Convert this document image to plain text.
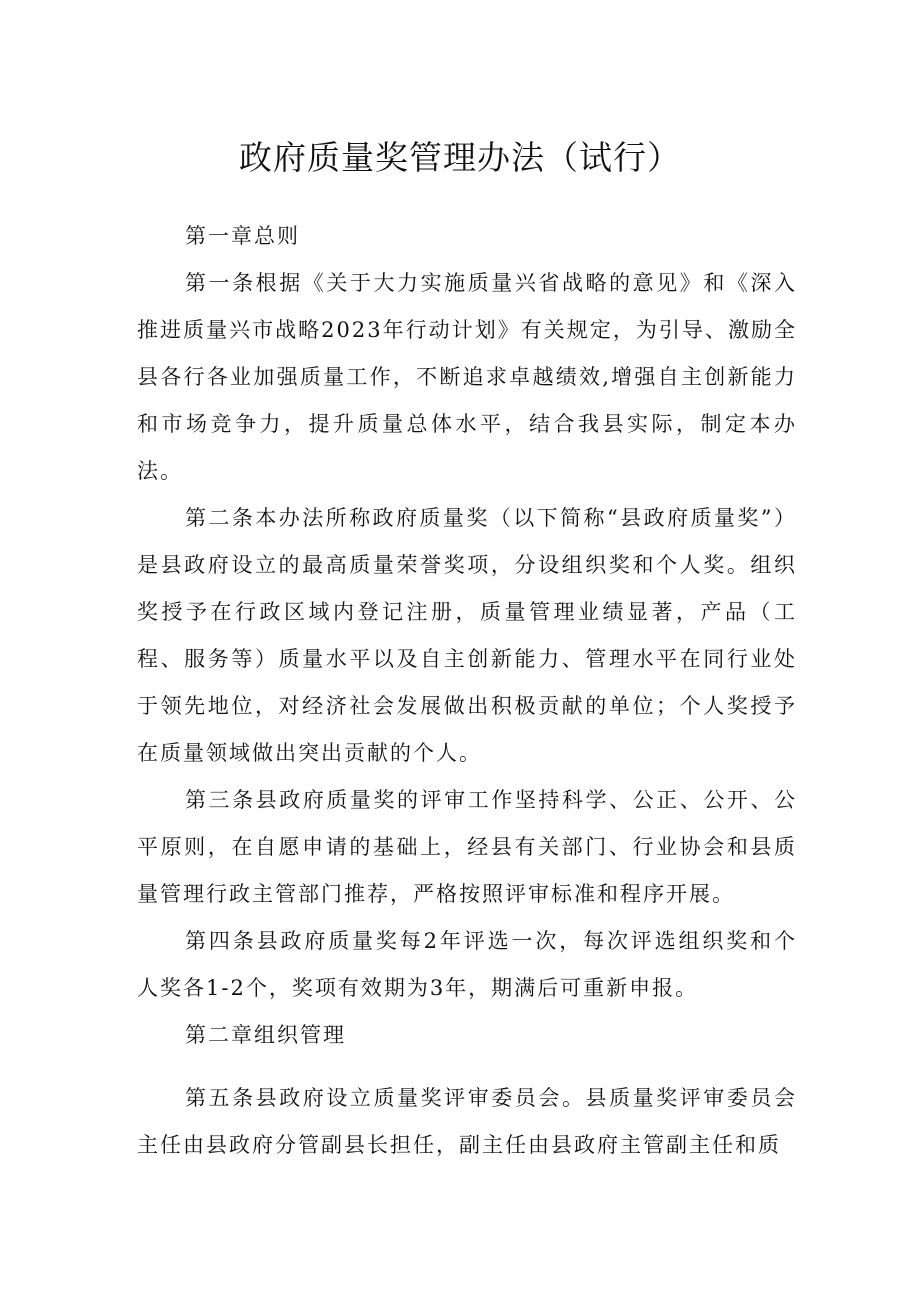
政府质量奖管理办法（试行）

第一章总则

第一条根据《关于大力实施质量兴省战略的意见》和《深入推进质量兴市战略2023年行动计划》有关规定，为引导、激励全县各行各业加强质量工作，不断追求卓越绩效,增强自主创新能力和市场竞争力，提升质量总体水平，结合我县实际，制定本办法。

第二条本办法所称政府质量奖（以下简称“县政府质量奖”）是县政府设立的最高质量荣誉奖项，分设组织奖和个人奖。组织奖授予在行政区域内登记注册，质量管理业绩显著，产品（工程、服务等）质量水平以及自主创新能力、管理水平在同行业处于领先地位，对经济社会发展做出积极贡献的单位；个人奖授予在质量领域做出突出贡献的个人。

第三条县政府质量奖的评审工作坚持科学、公正、公开、公平原则，在自愿申请的基础上，经县有关部门、行业协会和县质量管理行政主管部门推荐，严格按照评审标准和程序开展。

第四条县政府质量奖每2年评选一次，每次评选组织奖和个人奖各1-2个，奖项有效期为3年，期满后可重新申报。

第二章组织管理

第五条县政府设立质量奖评审委员会。县质量奖评审委员会主任由县政府分管副县长担任，副主任由县政府主管副主任和质
